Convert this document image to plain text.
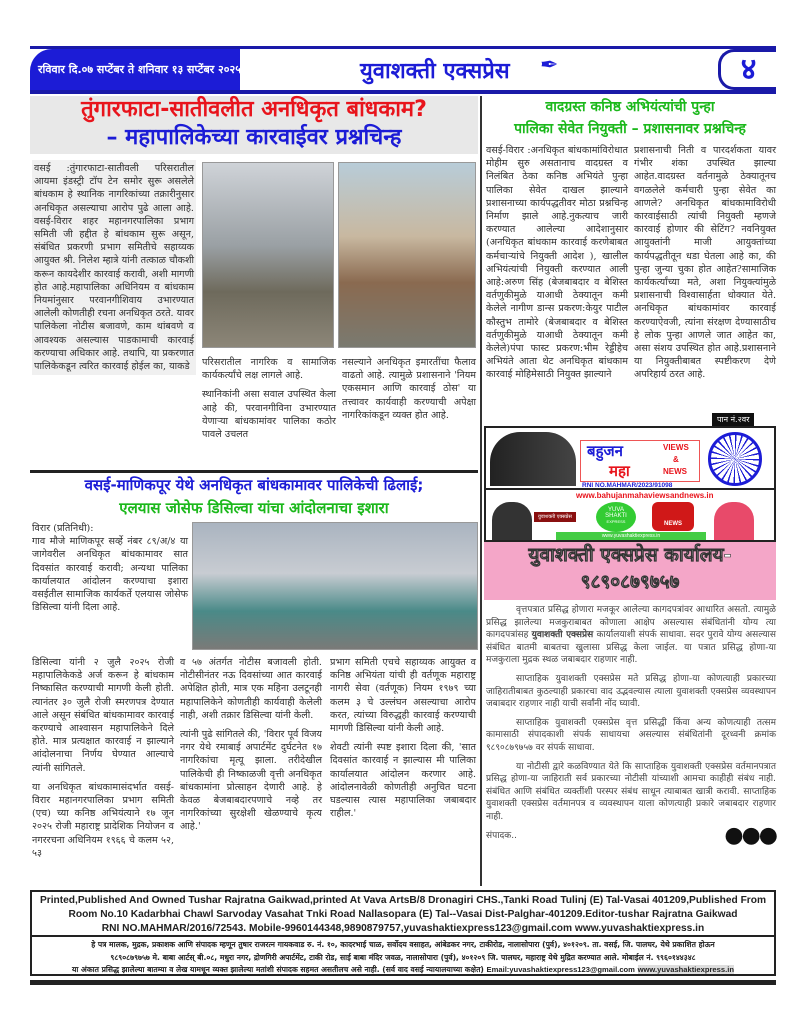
रविवार दि.०७ सप्टेंबर ते शनिवार १३ सप्टेंबर २०२५	युवाशक्ती एक्सप्रेस ✒	४
तुंगारफाटा-सातीवलीत अनधिकृत बांधकाम?
– महापालिकेच्या कारवाईवर प्रश्नचिन्ह
वसई :तुंगारफाटा-सातीवली परिसरातील आयमा इंडस्ट्री टॉप टेन समोर सुरू असलेले बांधकाम हे स्थानिक नागरिकांच्या तक्रारीनुसार अनधिकृत असल्याचा आरोप पुढे आला आहे. वसई-विरार शहर महानगरपालिका प्रभाग समिती जी हद्दीत हे बांधकाम सुरू असून, संबंधित प्रकरणी प्रभाग समितीचे सहाय्यक आयुक्त श्री. निलेश म्हात्रे यांनी तत्काळ चौकशी करून कायदेशीर कारवाई करावी, अशी मागणी होत आहे.महापालिका अधिनियम व बांधकाम नियमांनुसार परवानगीशिवाय उभारण्यात आलेली कोणतीही रचना अनधिकृत ठरते. यावर पालिकेला नोटीस बजावणे, काम थांबवणे व आवश्यक असल्यास पाडकामाची कारवाई करण्याचा अधिकार आहे. तथापि, या प्रकरणात पालिकेकडून त्वरित कारवाई होईल का, याकडे	परिसरातील नागरिक व सामाजिक कार्यकर्त्यांचे लक्ष लागले आहे.

स्थानिकांनी असा सवाल उपस्थित केला आहे की, परवानगीविना उभारण्यात येणाऱ्या बांधकामांवर पालिका कठोर पावले उचलत

नसल्याने अनधिकृत इमारतींचा फैलाव वाढतो आहे. त्यामुळे प्रशासनाने 'नियम एकसमान आणि कारवाई ठोस' या तत्त्वावर कार्यवाही करण्याची अपेक्षा नागरिकांकडून व्यक्त होत आहे.
वादग्रस्त कनिष्ठ अभियंत्यांची पुन्हा
पालिका सेवेत नियुक्ती – प्रशासनावर प्रश्नचिन्ह
वसई-विरार :अनधिकृत बांधकामांविरोधात मोहीम सुरु असतानाच वादग्रस्त व निलंबित ठेका कनिष्ठ अभियंते पुन्हा पालिका सेवेत दाखल झाल्याने प्रशासनाच्या कार्यपद्धतीवर मोठा प्रश्नचिन्ह निर्माण झाले आहे.नुकत्याच जारी करण्यात आलेल्या आदेशानुसार (अनधिकृत बांधकाम कारवाई करणेबाबत कर्मचाऱ्यांचे नियुक्ती आदेश ), खालील अभियंत्यांची नियुक्ती करण्यात आली आहे:अरुण सिंह (बेजबाबदार व बेशिस्त वर्तणुकीमुळे याआधी ठेक्यातून कमी केलेले नागीण डान्स प्रकरण:केयुर पाटील कौस्तुभ तामोरे (बेजबाबदार व बेशिस्त वर्तणुकीमुळे याआधी ठेक्यातून कमी केलेले)पंपा फास्ट प्रकरण:भीम रेड्डीहेच अभियंते आता थेट अनधिकृत बांधकाम कारवाई मोहिमेसाठी नियुक्त झाल्याने
प्रशासनाची निती व पारदर्शकता यावर गंभीर शंका उपस्थित झाल्या आहेत.वादग्रस्त वर्तनामुळे ठेक्यातूनच वगळलेले कर्मचारी पुन्हा सेवेत का आणले? अनधिकृत बांधकामाविरोधी कारवाईसाठी त्यांची नियुक्ती म्हणजे कारवाई होणार की सेटिंग? नवनियुक्त आयुक्तांनी माजी आयुक्तांच्या कार्यपद्धतीतून धडा घेतला आहे का, की पुन्हा जुन्या चुका होत आहेत?सामाजिक कार्यकर्त्यांच्या मते, अशा नियुक्त्यांमुळे प्रशासनाची विश्वासार्हता धोक्यात येते. अनधिकृत बांधकामांवर कारवाई करण्याऐवजी, त्यांना संरक्षण देण्यासाठीच हे लोक पुन्हा आणले जात आहेत का, असा संशय उपस्थित होत आहे.प्रशासनाने या नियुक्तीबाबत स्पष्टीकरण देणे अपरिहार्य ठरत आहे.
पान नं.२वर
बहुजन
महा
VIEWS
&
NEWS
RNI NO.MAHMAR/2023/91098
www.bahujanmahaviewsandnews.in
युवाशक्ती एक्सप्रेस
YUVA
SHAKTI
EXPRESS	NEWS
www.yuvashaktiexpress.in
युवाशक्ती एक्सप्रेस कार्यालय-
९८९०८७९७५७

वृत्तपत्रात प्रसिद्ध होणारा मजकूर आलेल्या कागदपत्रांवर आधारित असतो. त्यामुळे प्रसिद्ध झालेल्या मजकुराबाबत कोणाला आक्षेप असल्यास संबंधितांनी योग्य त्या कागदपत्रांसह युवाशक्ती एक्सप्रेस कार्यालयाशी संपर्क साधावा. सदर पुरावे योग्य असल्यास संबंधित बातमी बाबतचा खुलासा प्रसिद्ध केला जाईल. या पत्रात प्रसिद्ध होणा-या मजकुराला मुद्रक स्थळ जबाबदार राहणार नाही.

साप्ताहिक युवाशक्ती एक्सप्रेस मते प्रसिद्ध होणा-या कोणत्याही प्रकारच्या जाहिरातीबाबत कुठल्याही प्रकारचा वाद उद्भवल्यास त्याला युवाशक्ती एक्सप्रेस व्यवस्थापन जबाबदार राहणार नाही याची सर्वांनी नोंद घ्यावी.

साप्ताहिक युवाशक्ती एक्सप्रेस वृत्त प्रसिद्धी किंवा अन्य कोणत्याही तत्सम कामासाठी संपादकाशी संपर्क साधायचा असल्यास संबंधितांनी दूरध्वनी क्रमांक ९८९०८७९७५७ वर संपर्क साधावा.

या नोटीसी द्वारे कळविण्यात येते कि साप्ताहिक युवाशक्ती एक्सप्रेस वर्तमानपत्रात प्रसिद्ध होणा-या जाहिराती सर्व प्रकारच्या नोटीसी यांच्याशी आमचा काहीही संबंध नाही. संबंधित आणि संबंधित व्यक्तींशी परस्पर संबंध साधून त्याबाबत खात्री करावी. साप्ताहिक युवाशक्ती एक्सप्रेस वर्तमानपत्र व व्यवस्थापन याला कोणत्याही प्रकारे जबाबदार राहणार नाही.

संपादक..	●●●

वसई-माणिकपूर येथे अनधिकृत बांधकामावर पालिकेची ढिलाई;
एलयास जोसेफ डिसिल्वा यांचा आंदोलनाचा इशारा
विरार (प्रतिनिधी):
गाव मौजे माणिकपूर सर्व्हे नंबर ८९/अ/४ या जागेवरील अनधिकृत बांधकामावर सात दिवसांत कारवाई करावी; अन्यथा पालिका कार्यालयात आंदोलन करण्याचा इशारा वसईतील सामाजिक कार्यकर्ते एलयास जोसेफ डिसिल्वा यांनी दिला आहे.

डिसिल्वा यांनी २ जुलै २०२५ रोजी महापालिकेकडे अर्ज करून हे बांधकाम निष्कासित करण्याची मागणी केली होती. त्यानंतर ३० जुलै रोजी स्मरणपत्र देण्यात आले असून संबंधित बांधकामावर कारवाई करण्याचे आश्वासन महापालिकेने दिले होते. मात्र प्रत्यक्षात कारवाई न झाल्याने आंदोलनाचा निर्णय घेण्यात आल्याचे त्यांनी सांगितले.

या अनधिकृत बांधकामासंदर्भात वसई-विरार महानगरपालिका प्रभाग समिती (एच) च्या कनिष्ठ अभियंत्याने १७ जून २०२५ रोजी महाराष्ट्र प्रादेशिक नियोजन व नगररचना अधिनियम १९६६ चे कलम ५२, ५३

व ५७ अंतर्गत नोटीस बजावली होती. नोटीसीनंतर नऊ दिवसांच्या आत कारवाई अपेक्षित होती, मात्र एक महिना उलटूनही महापालिकेने कोणतीही कार्यवाही केलेली नाही, अशी तक्रार डिसिल्वा यांनी केली.

त्यांनी पुढे सांगितले की, 'विरार पूर्व विजय नगर येथे रमाबाई अपार्टमेंट दुर्घटनेत १७ नागरिकांचा मृत्यू झाला. तरीदेखील पालिकेची ही निष्काळजी वृत्ती अनधिकृत बांधकामांना प्रोत्साहन देणारी आहे. हे केवळ बेजबाबदारपणाचे नव्हे तर नागरिकांच्या सुरक्षेशी खेळण्याचे कृत्य आहे.'

प्रभाग समिती एचचे सहाय्यक आयुक्त व कनिष्ठ अभियंता यांची ही वर्तणूक महाराष्ट्र नागरी सेवा (वर्तणूक) नियम १९७९ च्या कलम ३ चे उल्लंघन असल्याचा आरोप करत, त्यांच्या विरुद्धही कारवाई करण्याची मागणी डिसिल्वा यांनी केली आहे.

शेवटी त्यांनी स्पष्ट इशारा दिला की, 'सात दिवसांत कारवाई न झाल्यास मी पालिका कार्यालयात आंदोलन करणार आहे. आंदोलनावेळी कोणतीही अनुचित घटना घडल्यास त्यास महापालिका जबाबदार राहील.'

Printed,Published And Owned Tushar Rajratna Gaikwad,printed At Vava ArtsB/8 Dronagiri CHS.,Tanki Road Tulinj (E) Tal-Vasai 401209,Published From
Room No.10 Kadarbhai Chawl Sarvoday Vasahat Tnki Road Nallasopara (E) Tal--Vasai Dist-Palghar-401209.Editor-tushar Rajratna Gaikwad
RNI NO.MAHMAR/2016/72543. Mobile-9960144348,9890879757,yuvashaktiexpress123@gmail.com www.yuvashaktiexpress.in
हे पत्र मालक, मुद्रक, प्रकाशक आणि संपादक म्हणून तुषार राजरत्न गायकवाड रु. नं. १०, कादरभाई चाळ, सर्वोदय वसाहत, आंबेडकर नगर, टाकीरोड, नालासोपारा (पुर्व), ४०१२०९. ता. वसई, जि. पालघर, येथे प्रकाशित होऊन
९८९०८७९७५७ मे. बाबा आर्टस् बी.०८, मधुरा नगर, द्रोणगिरी अपार्टमेंट, टाकी रोड, साई बाबा मंदिर जवळ, नालासोपारा (पुर्व), ४०१२०९ जि. पालघर, महाराष्ट्र येथे मुद्रित करण्यात आले. मोबाईल नं. ९९६०१४४३४८
या अंकात प्रसिद्ध झालेल्या बातम्या व लेख यामधून व्यक्त झालेल्या मतांशी संपादक सहमत असतीलच असे नाही. (सर्व वाद वसई न्यायालयाच्या कक्षेत) Email:yuvashaktiexpress123@gmail.com www.yuvashaktiexpress.in
